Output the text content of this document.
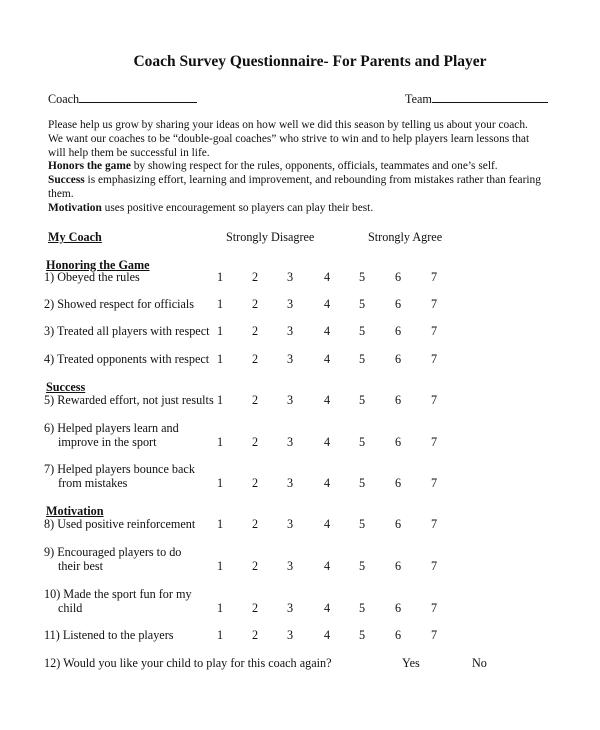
Coach Survey Questionnaire- For Parents and Player
Coach	Team
Please help us grow by sharing your ideas on how well we did this season by telling us about your coach.
We want our coaches to be “double-goal coaches” who strive to win and to help players learn lessons that
will help them be successful in life.
Honors the game by showing respect for the rules, opponents, officials, teammates and one’s self.
Success is emphasizing effort, learning and improvement, and rebounding from mistakes rather than fearing
them.
Motivation uses positive encouragement so players can play their best.
My Coach	Strongly Disagree	Strongly Agree
Honoring the Game
Success
Motivation
1) Obeyed the rules	1	2	3	4	5	6	7
2) Showed respect for officials	1	2	3	4	5	6	7
3) Treated all players with respect 1	2	3	4	5	6	7
4) Treated opponents with respect 1	2	3	4	5	6	7
5) Rewarded effort, not just results 1	2	3	4	5	6	7
6) Helped players learn and
improve in the sport	1	2	3	4	5	6	7
7) Helped players bounce back
from mistakes	1	2	3	4	5	6	7
8) Used positive reinforcement	1	2	3	4	5	6	7
9) Encouraged players to do
their best	1	2	3	4	5	6	7
10) Made the sport fun for my
child	1	2	3	4	5	6	7
11) Listened to the players	1	2	3	4	5	6	7
12) Would you like your child to play for this coach again?	Yes	No
